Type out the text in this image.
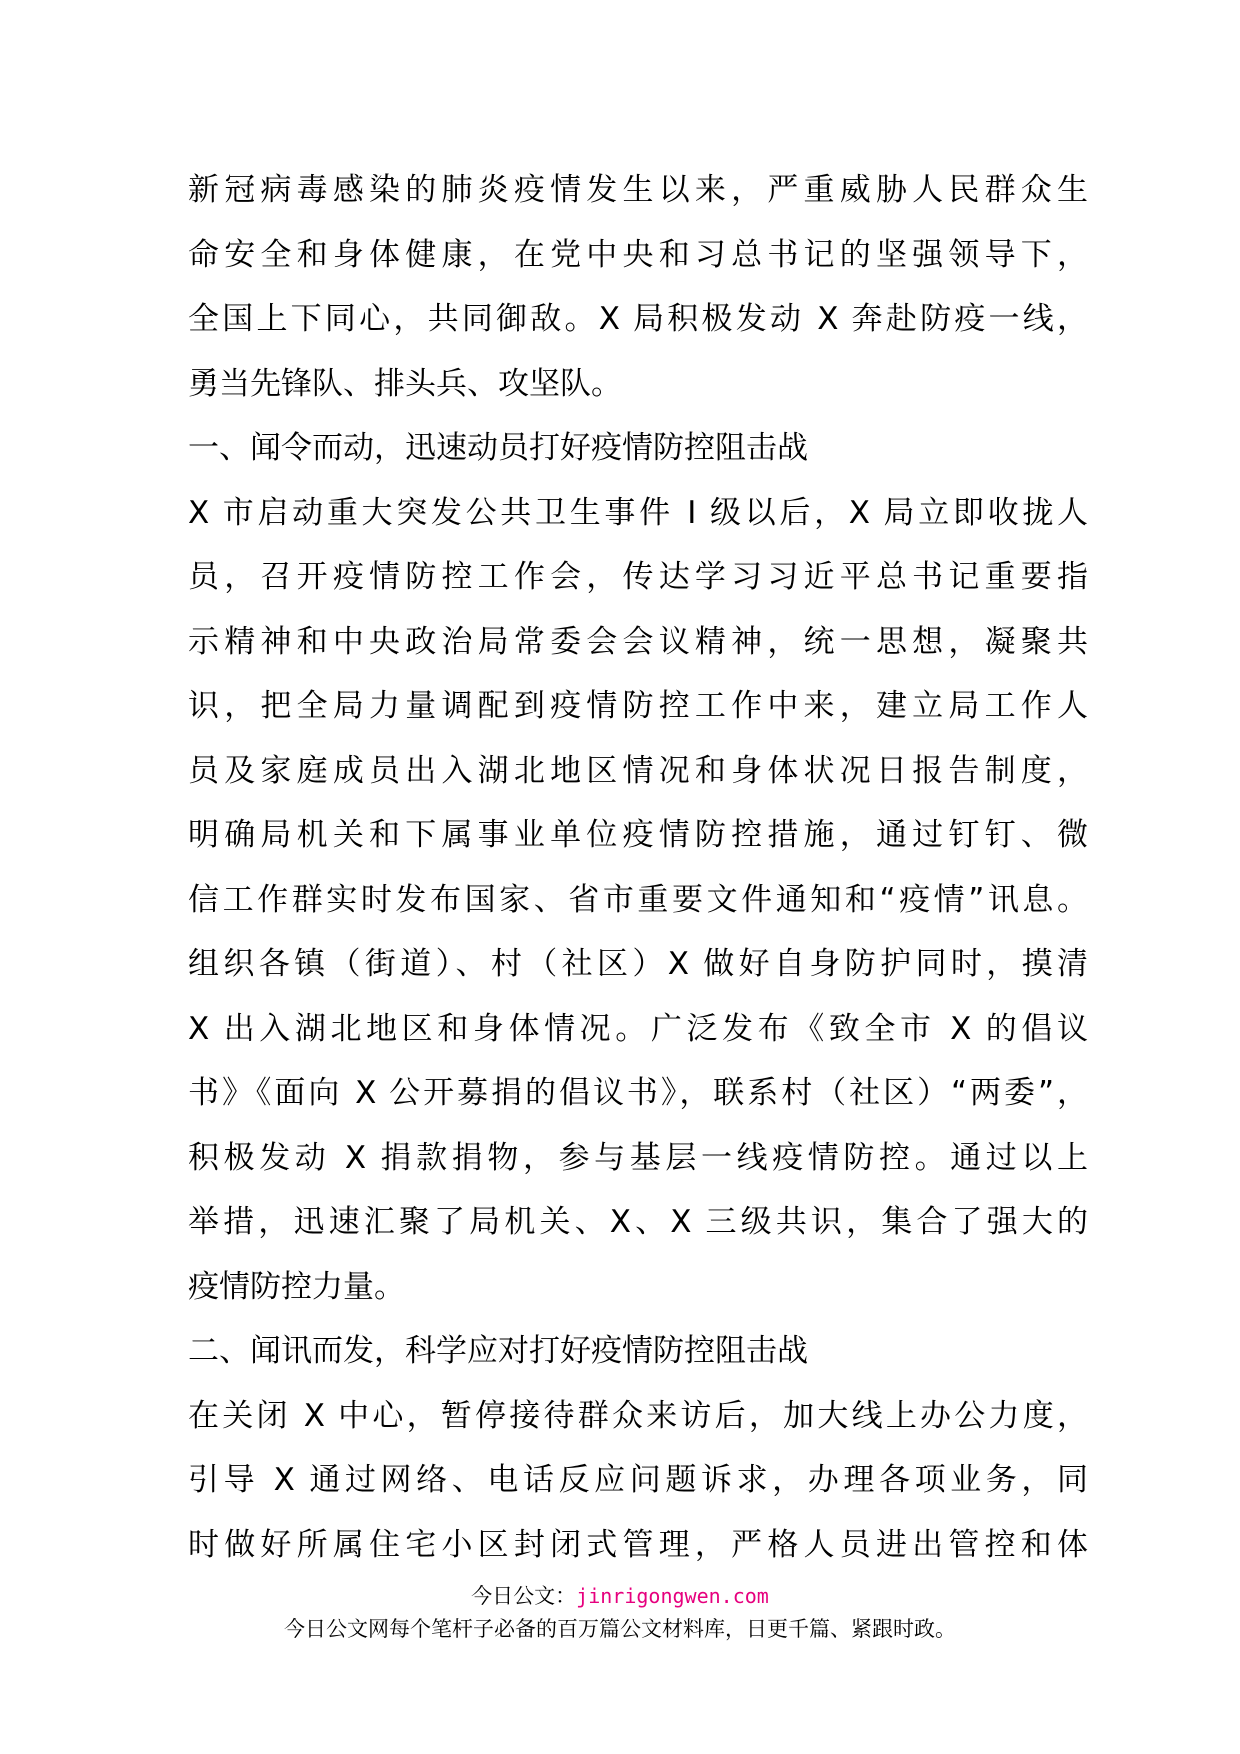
新冠病毒感染的肺炎疫情发生以来，严重威胁人民群众生
命安全和身体健康，在党中央和习总书记的坚强领导下，
全国上下同心，共同御敌。X 局积极发动 X 奔赴防疫一线，
勇当先锋队、排头兵、攻坚队。
一、闻令而动，迅速动员打好疫情防控阻击战
X 市启动重大突发公共卫生事件 I 级以后，X 局立即收拢人
员，召开疫情防控工作会，传达学习习近平总书记重要指
示精神和中央政治局常委会会议精神，统一思想，凝聚共
识，把全局力量调配到疫情防控工作中来，建立局工作人
员及家庭成员出入湖北地区情况和身体状况日报告制度，
明确局机关和下属事业单位疫情防控措施，通过钉钉、微
信工作群实时发布国家、省市重要文件通知和“疫情”讯息。
组织各镇（街道）、村（社区）X 做好自身防护同时，摸清
X 出入湖北地区和身体情况。广泛发布《致全市 X 的倡议
书》《面向 X 公开募捐的倡议书》，联系村（社区）“两委”，
积极发动 X 捐款捐物，参与基层一线疫情防控。通过以上
举措，迅速汇聚了局机关、X、X 三级共识，集合了强大的
疫情防控力量。
二、闻讯而发，科学应对打好疫情防控阻击战
在关闭 X 中心，暂停接待群众来访后，加大线上办公力度，
引导 X 通过网络、电话反应问题诉求，办理各项业务，同
时做好所属住宅小区封闭式管理，严格人员进出管控和体
今日公文：jinrigongwen.com
今日公文网每个笔杆子必备的百万篇公文材料库，日更千篇、紧跟时政。
